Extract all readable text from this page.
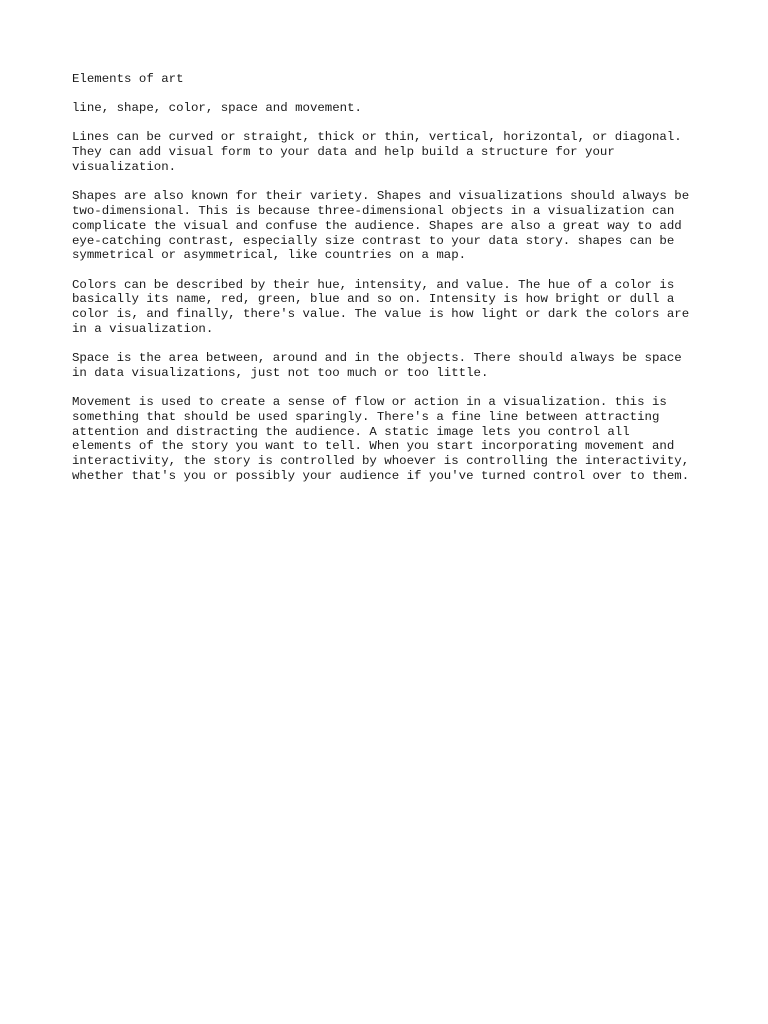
Elements of art

line, shape, color, space and movement.

Lines can be curved or straight, thick or thin, vertical, horizontal, or diagonal.
They can add visual form to your data and help build a structure for your
visualization.

Shapes are also known for their variety. Shapes and visualizations should always be
two-dimensional. This is because three-dimensional objects in a visualization can
complicate the visual and confuse the audience. Shapes are also a great way to add
eye-catching contrast, especially size contrast to your data story. shapes can be
symmetrical or asymmetrical, like countries on a map.

Colors can be described by their hue, intensity, and value. The hue of a color is
basically its name, red, green, blue and so on. Intensity is how bright or dull a
color is, and finally, there's value. The value is how light or dark the colors are
in a visualization.

Space is the area between, around and in the objects. There should always be space
in data visualizations, just not too much or too little.

Movement is used to create a sense of flow or action in a visualization. this is
something that should be used sparingly. There's a fine line between attracting
attention and distracting the audience. A static image lets you control all
elements of the story you want to tell. When you start incorporating movement and
interactivity, the story is controlled by whoever is controlling the interactivity,
whether that's you or possibly your audience if you've turned control over to them.
